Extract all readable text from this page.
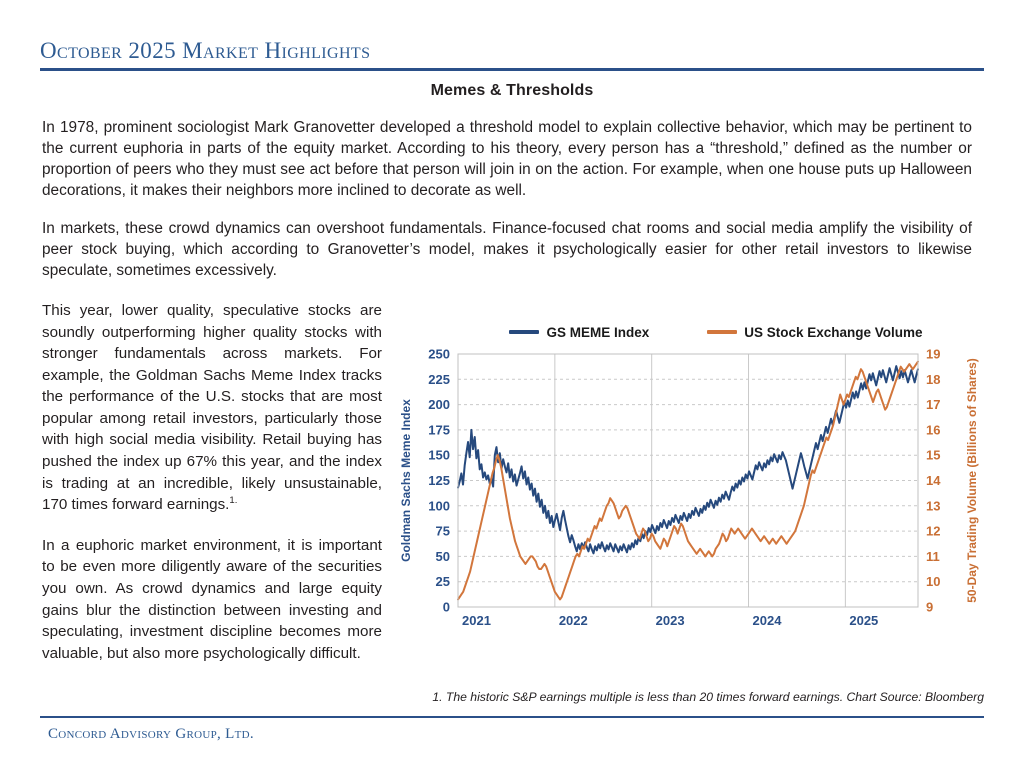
October 2025 Market Highlights
Memes & Thresholds

In 1978, prominent sociologist Mark Granovetter developed a threshold model to explain collective behavior, which may be pertinent to the current euphoria in parts of the equity market. According to his theory, every person has a “threshold,” defined as the number or proportion of peers who they must see act before that person will join in on the action. For example, when one house puts up Halloween decorations, it makes their neighbors more inclined to decorate as well.

In markets, these crowd dynamics can overshoot fundamentals. Finance-focused chat rooms and social media amplify the visibility of peer stock buying, which according to Granovetter’s model, makes it psychologically easier for other retail investors to likewise speculate, sometimes excessively.

This year, lower quality, speculative stocks are soundly outperforming higher quality stocks with stronger fundamentals across markets. For example, the Goldman Sachs Meme Index tracks the performance of the U.S. stocks that are most popular among retail investors, particularly those with high social media visibility. Retail buying has pushed the index up 67% this year, and the index is trading at an incredible, likely unsustainable, 170 times forward earnings.$^{1.}$

In a euphoric market environment, it is important to be even more diligently aware of the securities you own. As crowd dynamics and large equity gains blur the distinction between investing and speculating, investment discipline becomes more valuable, but also more psychologically difficult.

GS MEME Index	US Stock Exchange Volume
0
25
50
75
100
125
150
175
200
225
250
Goldman Sachs Meme Index
9
10
11
12
13
14
15
16
17
18
19
50-Day Trading Volume (Billions of Shares)
2021	2022	2023	2024	2025
1. The historic S&P earnings multiple is less than 20 times forward earnings. Chart Source: Bloomberg
Concord Advisory Group, Ltd.
